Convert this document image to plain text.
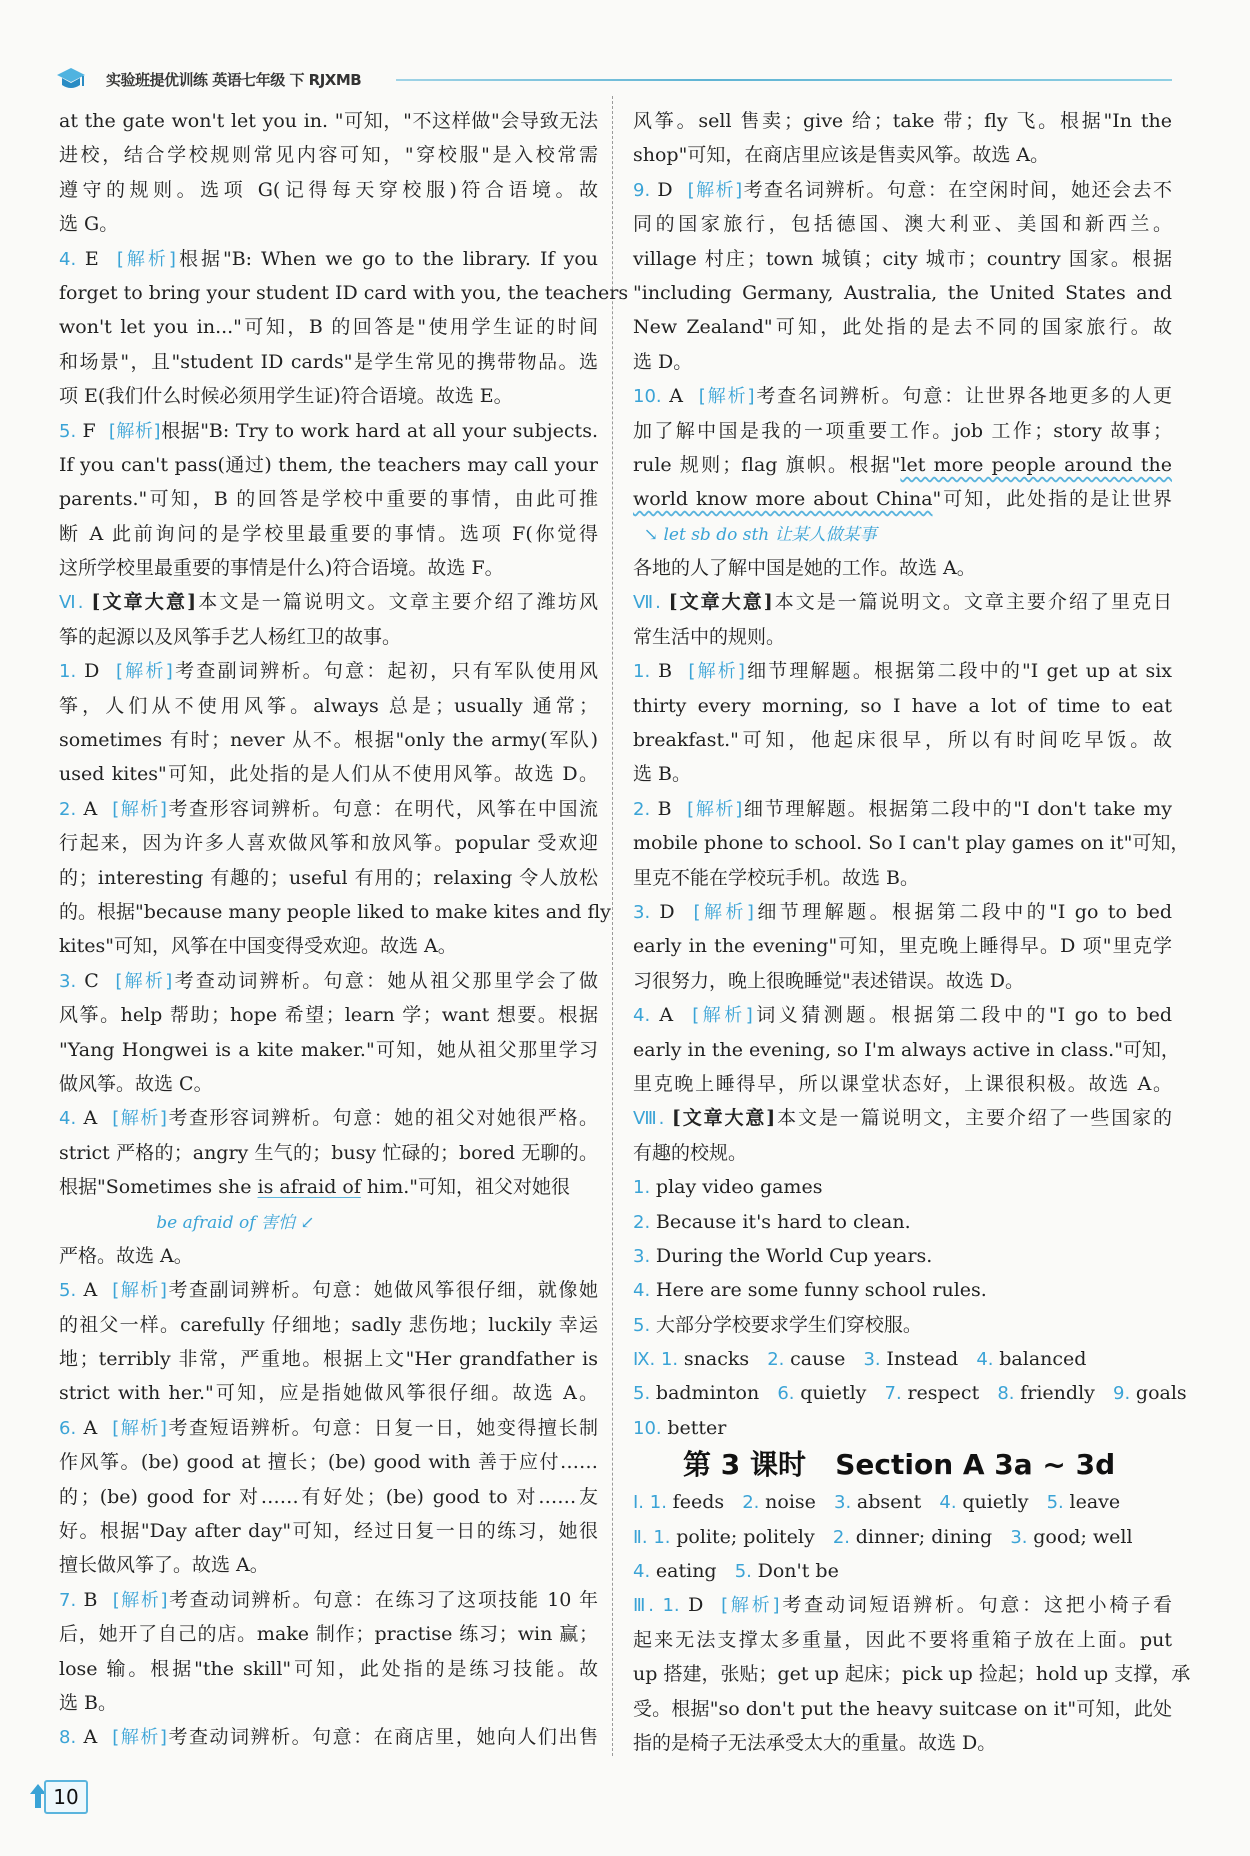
实验班提优训练 英语七年级 下 RJXMB
at the gate won't let you in. "可知，"不这样做"会导致无法
进校，结合学校规则常见内容可知，"穿校服"是入校常需
遵守的规则。选项 G(记得每天穿校服)符合语境。故
选 G。
4. E  [解析]根据"B: When we go to the library. If you
forget to bring your student ID card with you, the teachers
won't let you in..."可知，B 的回答是"使用学生证的时间
和场景"，且"student ID cards"是学生常见的携带物品。选
项 E(我们什么时候必须用学生证)符合语境。故选 E。
5. F  [解析]根据"B: Try to work hard at all your subjects.
If you can't pass(通过) them, the teachers may call your
parents."可知，B 的回答是学校中重要的事情，由此可推
断 A 此前询问的是学校里最重要的事情。选项 F(你觉得
这所学校里最重要的事情是什么)符合语境。故选 F。
Ⅵ. [文章大意]本文是一篇说明文。文章主要介绍了潍坊风
筝的起源以及风筝手艺人杨红卫的故事。
1. D  [解析]考查副词辨析。句意：起初，只有军队使用风
筝，人们从不使用风筝。always 总是；usually 通常；
sometimes 有时；never 从不。根据"only the army(军队)
used kites"可知，此处指的是人们从不使用风筝。故选 D。
2. A  [解析]考查形容词辨析。句意：在明代，风筝在中国流
行起来，因为许多人喜欢做风筝和放风筝。popular 受欢迎
的；interesting 有趣的；useful 有用的；relaxing 令人放松
的。根据"because many people liked to make kites and fly
kites"可知，风筝在中国变得受欢迎。故选 A。
3. C  [解析]考查动词辨析。句意：她从祖父那里学会了做
风筝。help 帮助；hope 希望；learn 学；want 想要。根据
"Yang Hongwei is a kite maker."可知，她从祖父那里学习
做风筝。故选 C。
4. A  [解析]考查形容词辨析。句意：她的祖父对她很严格。
strict 严格的；angry 生气的；busy 忙碌的；bored 无聊的。
根据"Sometimes she is afraid of him."可知，祖父对她很
be afraid of 害怕 ↙
严格。故选 A。
5. A  [解析]考查副词辨析。句意：她做风筝很仔细，就像她
的祖父一样。carefully 仔细地；sadly 悲伤地；luckily 幸运
地；terribly 非常，严重地。根据上文"Her grandfather is
strict with her."可知，应是指她做风筝很仔细。故选 A。
6. A  [解析]考查短语辨析。句意：日复一日，她变得擅长制
作风筝。(be) good at 擅长；(be) good with 善于应付……
的；(be) good for 对……有好处；(be) good to 对……友
好。根据"Day after day"可知，经过日复一日的练习，她很
擅长做风筝了。故选 A。
7. B  [解析]考查动词辨析。句意：在练习了这项技能 10 年
后，她开了自己的店。make 制作；practise 练习；win 赢；
lose 输。根据"the skill"可知，此处指的是练习技能。故
选 B。
8. A  [解析]考查动词辨析。句意：在商店里，她向人们出售
风筝。sell 售卖；give 给；take 带；fly 飞。根据"In the
shop"可知，在商店里应该是售卖风筝。故选 A。
9. D  [解析]考查名词辨析。句意：在空闲时间，她还会去不
同的国家旅行，包括德国、澳大利亚、美国和新西兰。
village 村庄；town 城镇；city 城市；country 国家。根据
"including Germany, Australia, the United States and
New Zealand"可知，此处指的是去不同的国家旅行。故
选 D。
10. A  [解析]考查名词辨析。句意：让世界各地更多的人更
加了解中国是我的一项重要工作。job 工作；story 故事；
rule 规则；flag 旗帜。根据"let more people around the
world know more about China"可知，此处指的是让世界
↘ let sb do sth 让某人做某事
各地的人了解中国是她的工作。故选 A。
Ⅶ. [文章大意]本文是一篇说明文。文章主要介绍了里克日
常生活中的规则。
1. B  [解析]细节理解题。根据第二段中的"I get up at six
thirty every morning, so I have a lot of time to eat
breakfast."可知，他起床很早，所以有时间吃早饭。故
选 B。
2. B  [解析]细节理解题。根据第二段中的"I don't take my
mobile phone to school. So I can't play games on it"可知，
里克不能在学校玩手机。故选 B。
3. D  [解析]细节理解题。根据第二段中的"I go to bed
early in the evening"可知，里克晚上睡得早。D 项"里克学
习很努力，晚上很晚睡觉"表述错误。故选 D。
4. A  [解析]词义猜测题。根据第二段中的"I go to bed
early in the evening, so I'm always active in class."可知，
里克晚上睡得早，所以课堂状态好，上课很积极。故选 A。
Ⅷ. [文章大意]本文是一篇说明文，主要介绍了一些国家的
有趣的校规。
1. play video games
2. Because it's hard to clean.
3. During the World Cup years.
4. Here are some funny school rules.
5. 大部分学校要求学生们穿校服。
Ⅸ. 1. snacks   2. cause   3. Instead   4. balanced
5. badminton   6. quietly   7. respect   8. friendly   9. goals
10. better
第 3 课时   Section A 3a ~ 3d
Ⅰ. 1. feeds   2. noise   3. absent   4. quietly   5. leave
Ⅱ. 1. polite; politely   2. dinner; dining   3. good; well
4. eating   5. Don't be
Ⅲ. 1. D  [解析]考查动词短语辨析。句意：这把小椅子看
起来无法支撑太多重量，因此不要将重箱子放在上面。put
up 搭建，张贴；get up 起床；pick up 捡起；hold up 支撑，承
受。根据"so don't put the heavy suitcase on it"可知，此处
指的是椅子无法承受太大的重量。故选 D。
10
